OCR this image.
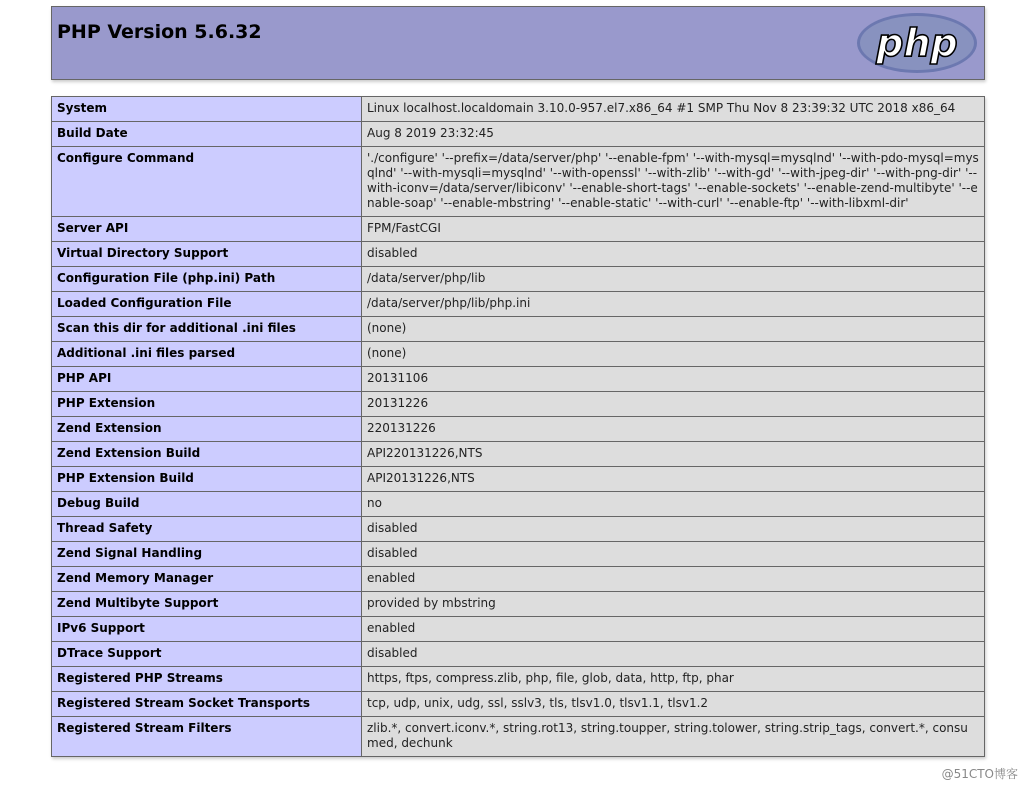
PHP Version 5.6.32	php
System	Linux localhost.localdomain 3.10.0-957.el7.x86_64 #1 SMP Thu Nov 8 23:39:32 UTC 2018 x86_64
Build Date	Aug 8 2019 23:32:45
Configure Command	'./configure' '--prefix=/data/server/php' '--enable-fpm' '--with-mysql=mysqlnd' '--with-pdo-mysql=mysqlnd' '--with-mysqli=mysqlnd' '--with-openssl' '--with-zlib' '--with-gd' '--with-jpeg-dir' '--with-png-dir' '--with-iconv=/data/server/libiconv' '--enable-short-tags' '--enable-sockets' '--enable-zend-multibyte' '--enable-soap' '--enable-mbstring' '--enable-static' '--with-curl' '--enable-ftp' '--with-libxml-dir'
Server API	FPM/FastCGI
Virtual Directory Support	disabled
Configuration File (php.ini) Path	/data/server/php/lib
Loaded Configuration File	/data/server/php/lib/php.ini
Scan this dir for additional .ini files	(none)
Additional .ini files parsed	(none)
PHP API	20131106
PHP Extension	20131226
Zend Extension	220131226
Zend Extension Build	API220131226,NTS
PHP Extension Build	API20131226,NTS
Debug Build	no
Thread Safety	disabled
Zend Signal Handling	disabled
Zend Memory Manager	enabled
Zend Multibyte Support	provided by mbstring
IPv6 Support	enabled
DTrace Support	disabled
Registered PHP Streams	https, ftps, compress.zlib, php, file, glob, data, http, ftp, phar
Registered Stream Socket Transports	tcp, udp, unix, udg, ssl, sslv3, tls, tlsv1.0, tlsv1.1, tlsv1.2
Registered Stream Filters	zlib.*, convert.iconv.*, string.rot13, string.toupper, string.tolower, string.strip_tags, convert.*, consumed, dechunk
@51CTO博客
